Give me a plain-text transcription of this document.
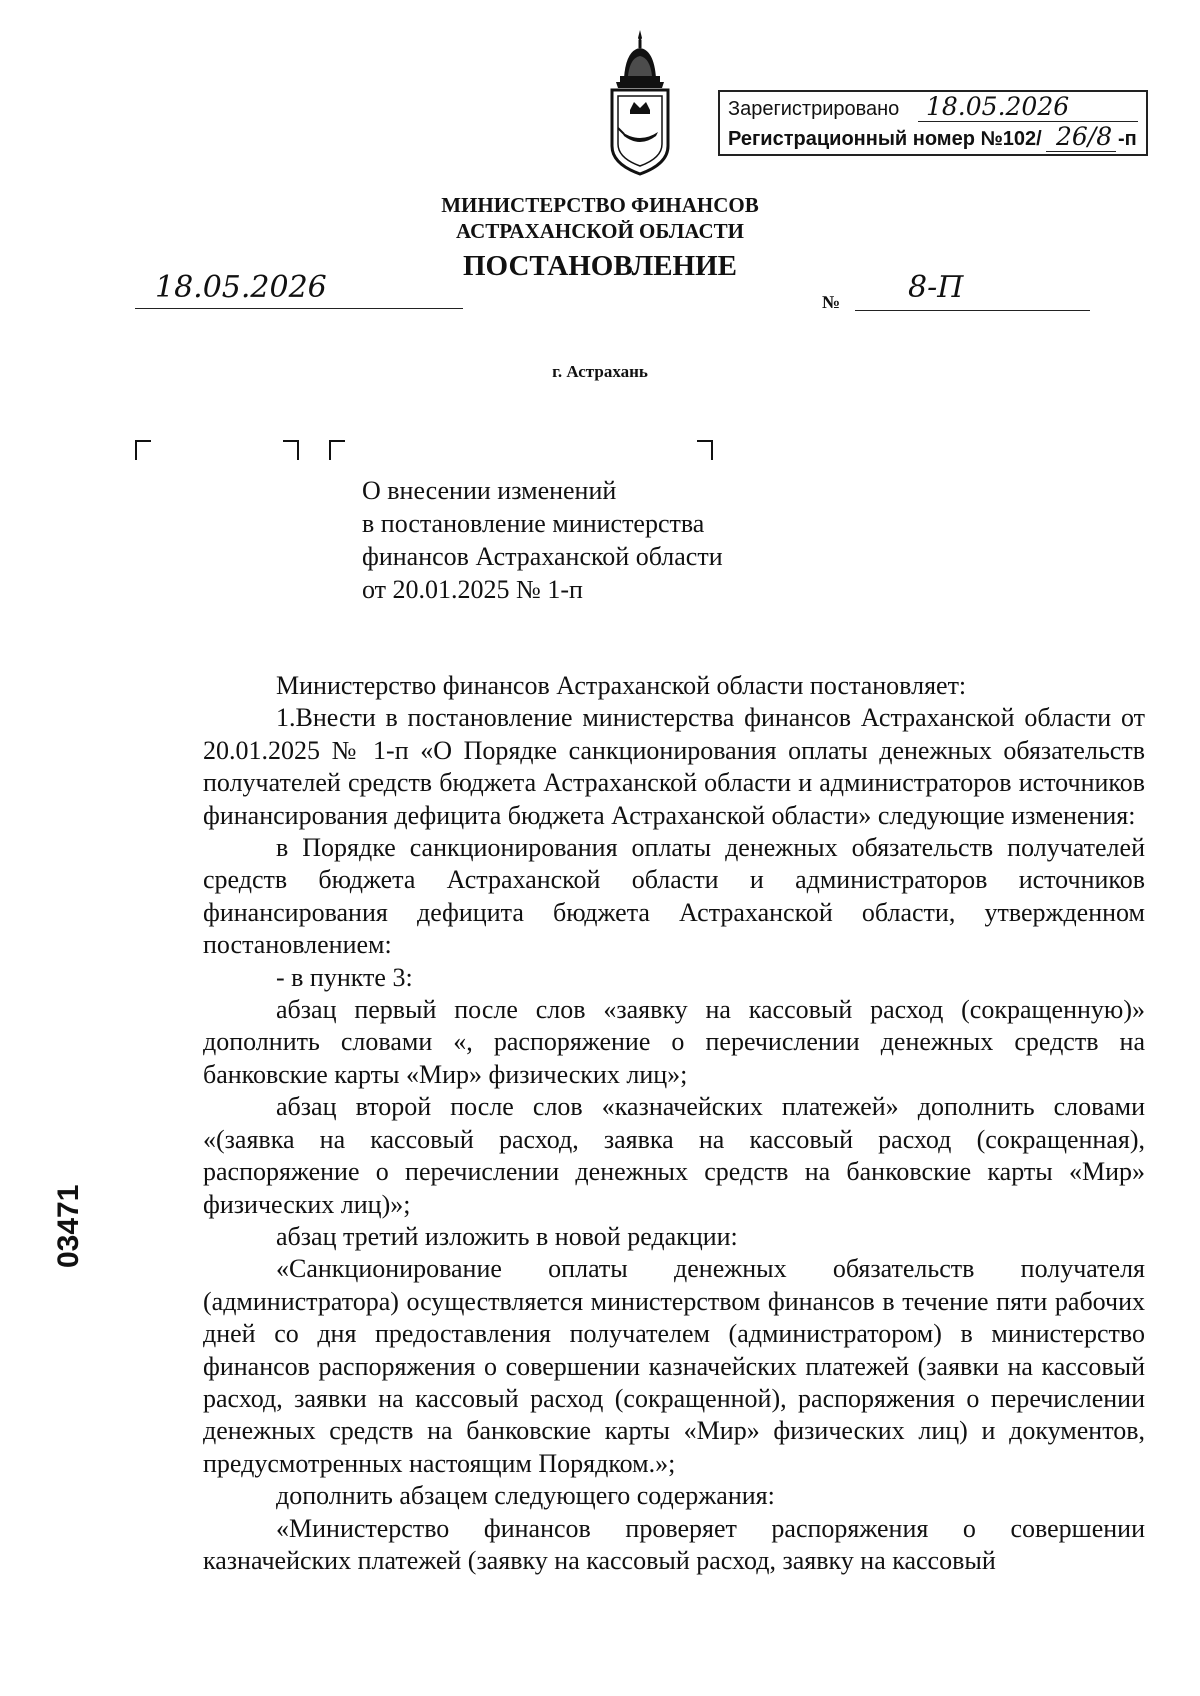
Зарегистрировано 18.05.2026
Регистрационный номер №102/ 26/8 -п
МИНИСТЕРСТВО ФИНАНСОВ
АСТРАХАНСКОЙ ОБЛАСТИ
ПОСТАНОВЛЕНИЕ
18.05.2026	№ 8-П
г. Астрахань
О внесении изменений
в постановление министерства
финансов Астраханской области
от 20.01.2025 № 1-п

Министерство финансов Астраханской области постановляет:

1.Внести в постановление министерства финансов Астраханской области от 20.01.2025 № 1-п «О Порядке санкционирования оплаты денежных обязательств получателей средств бюджета Астраханской области и администраторов источников финансирования дефицита бюджета Астраханской области» следующие изменения:

в Порядке санкционирования оплаты денежных обязательств получателей средств бюджета Астраханской области и администраторов источников финансирования дефицита бюджета Астраханской области, утвержденном постановлением:

- в пункте 3:

абзац первый после слов «заявку на кассовый расход (сокращенную)» дополнить словами «, распоряжение о перечислении денежных средств на банковские карты «Мир» физических лиц»;

абзац второй после слов «казначейских платежей» дополнить словами «(заявка на кассовый расход, заявка на кассовый расход (сокращенная), распоряжение о перечислении денежных средств на банковские карты «Мир» физических лиц)»;

абзац третий изложить в новой редакции:

«Санкционирование оплаты денежных обязательств получателя (администратора) осуществляется министерством финансов в течение пяти рабочих дней со дня предоставления получателем (администратором) в министерство финансов распоряжения о совершении казначейских платежей (заявки на кассовый расход, заявки на кассовый расход (сокращенной), распоряжения о перечислении денежных средств на банковские карты «Мир» физических лиц) и документов, предусмотренных настоящим Порядком.»;

дополнить абзацем следующего содержания:

«Министерство финансов проверяет распоряжения о совершении казначейских платежей (заявку на кассовый расход, заявку на кассовый

03471
